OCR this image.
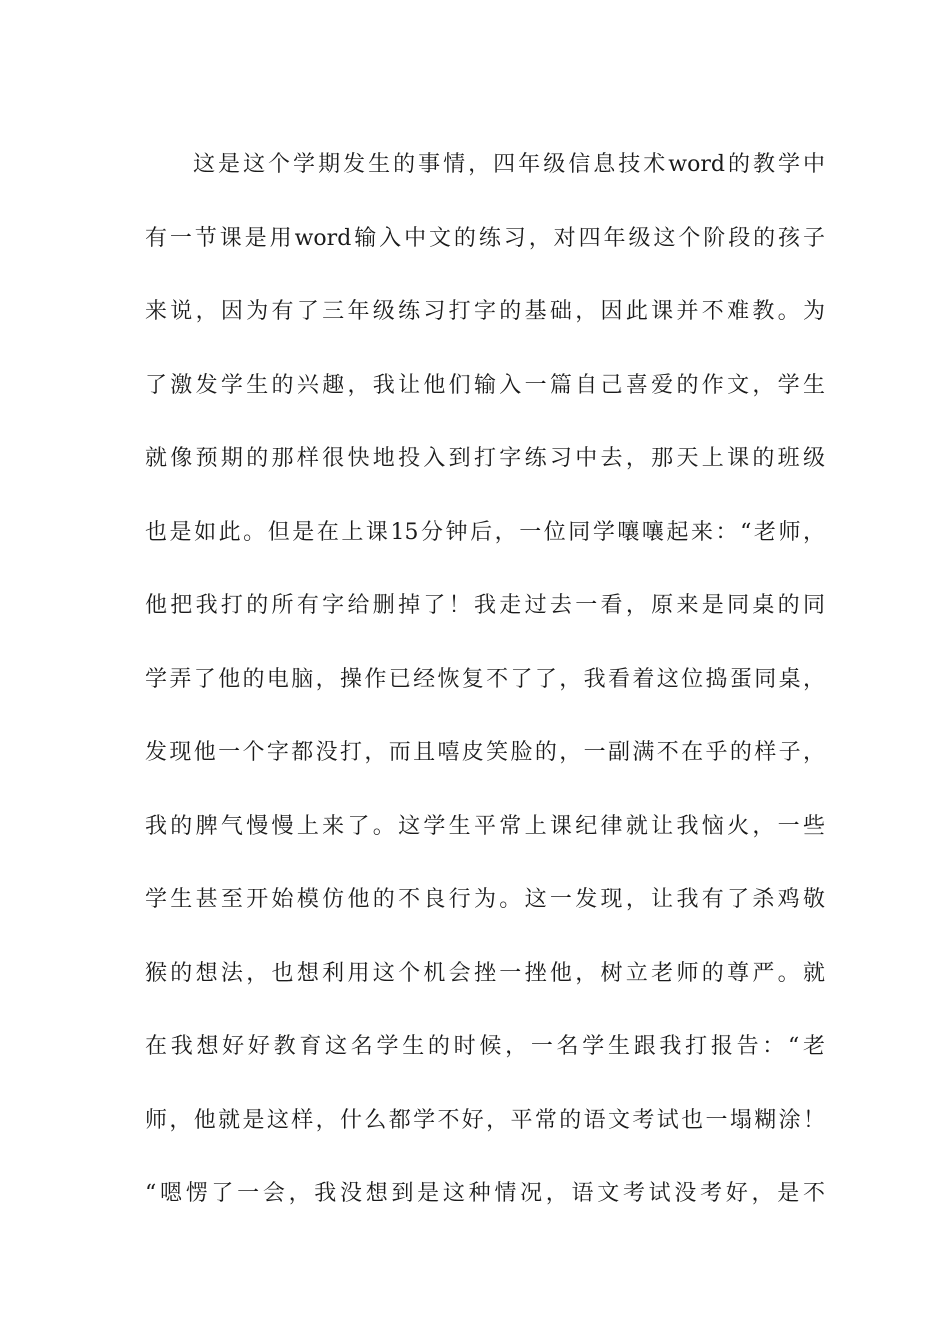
这是这个学期发生的事情，四年级信息技术word的教学中
有一节课是用word输入中文的练习，对四年级这个阶段的孩子
来说，因为有了三年级练习打字的基础，因此课并不难教。为
了激发学生的兴趣，我让他们输入一篇自己喜爱的作文，学生
就像预期的那样很快地投入到打字练习中去，那天上课的班级
也是如此。但是在上课15分钟后，一位同学嚷嚷起来：“老师，
他把我打的所有字给删掉了！我走过去一看，原来是同桌的同
学弄了他的电脑，操作已经恢复不了了，我看着这位捣蛋同桌，
发现他一个字都没打，而且嘻皮笑脸的，一副满不在乎的样子，
我的脾气慢慢上来了。这学生平常上课纪律就让我恼火，一些
学生甚至开始模仿他的不良行为。这一发现，让我有了杀鸡敬
猴的想法，也想利用这个机会挫一挫他，树立老师的尊严。就
在我想好好教育这名学生的时候，一名学生跟我打报告：“老
师，他就是这样，什么都学不好，平常的语文考试也一塌糊涂！
“嗯愣了一会，我没想到是这种情况，语文考试没考好，是不
